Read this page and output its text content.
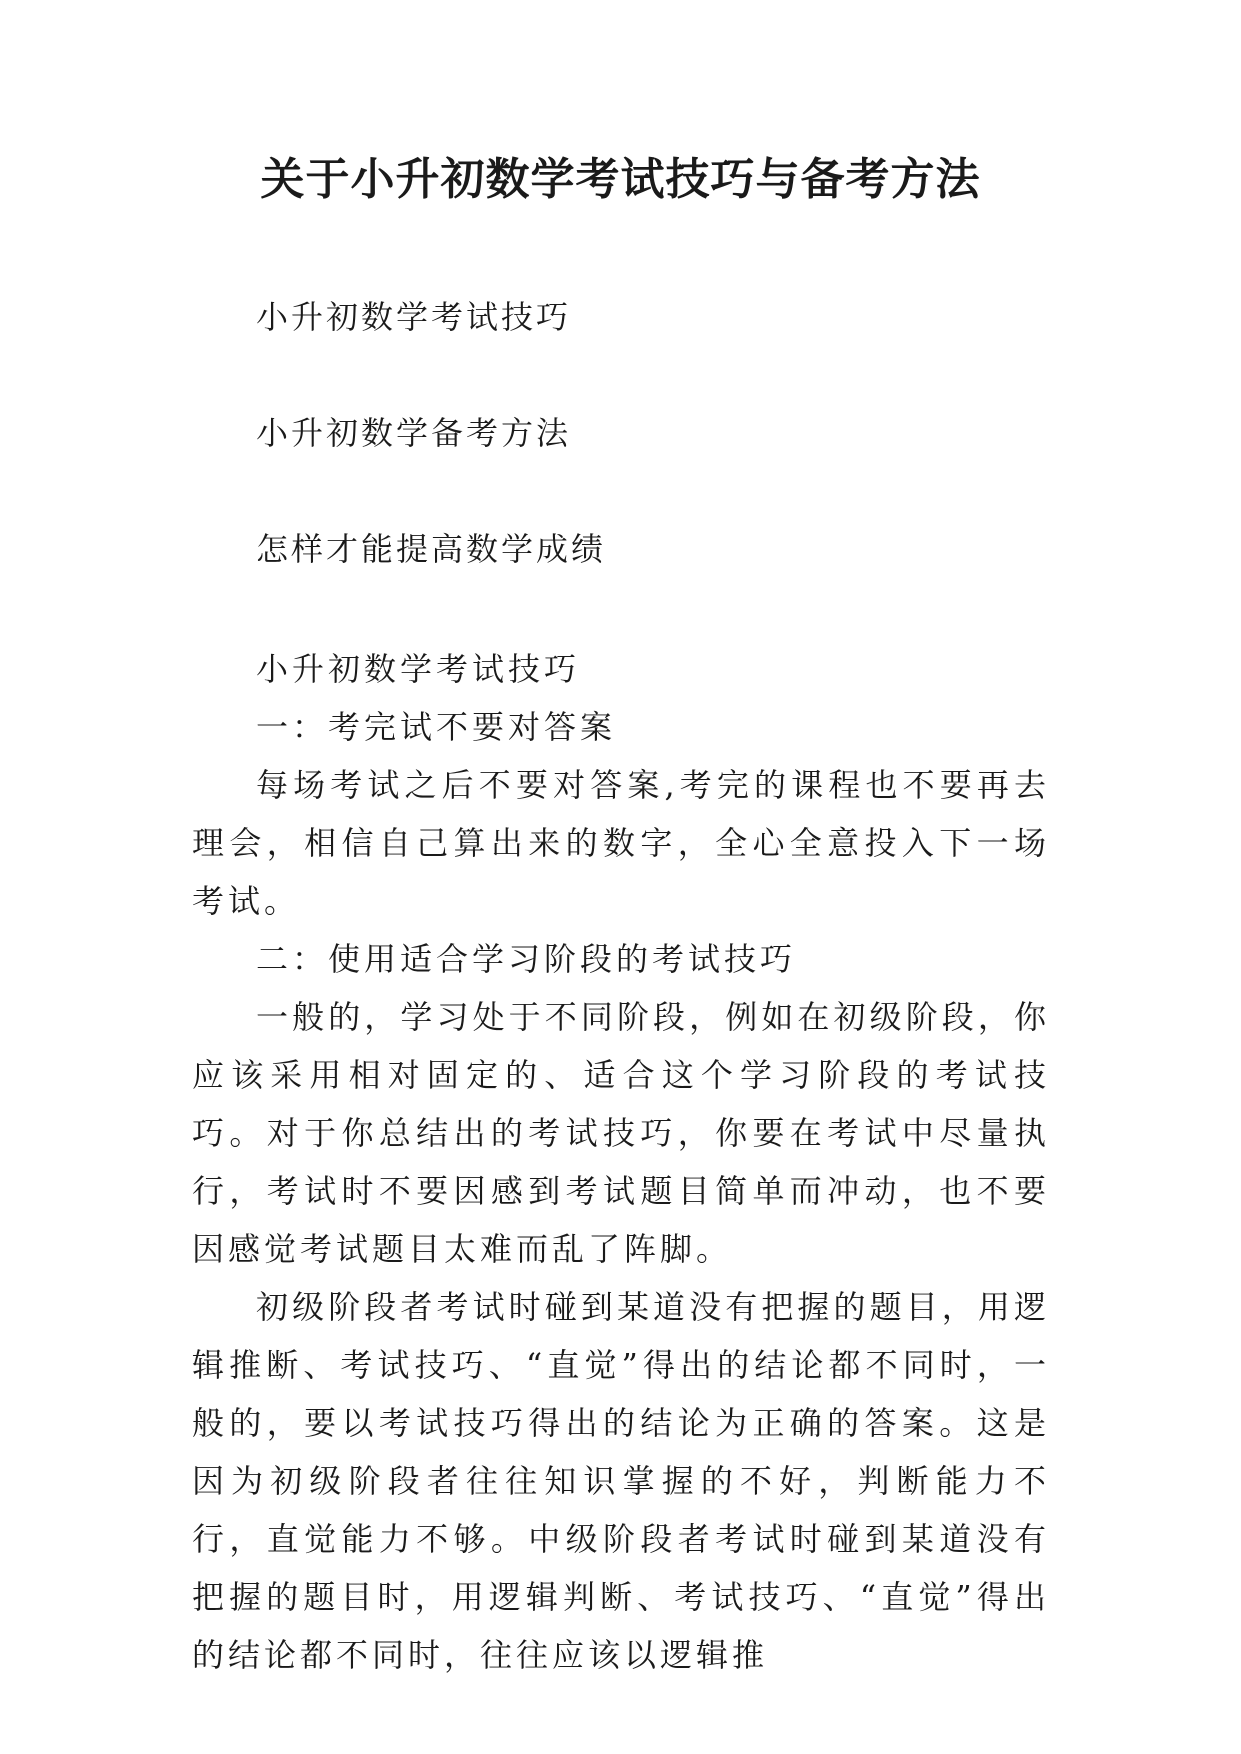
关于小升初数学考试技巧与备考方法
小升初数学考试技巧
小升初数学备考方法
怎样才能提高数学成绩

小升初数学考试技巧

一：考完试不要对答案

每场考试之后不要对答案,考完的课程也不要再去理会，相信自己算出来的数字，全心全意投入下一场考试。

二：使用适合学习阶段的考试技巧

一般的，学习处于不同阶段，例如在初级阶段，你应该采用相对固定的、适合这个学习阶段的考试技巧。对于你总结出的考试技巧，你要在考试中尽量执行，考试时不要因感到考试题目简单而冲动，也不要因感觉考试题目太难而乱了阵脚。

初级阶段者考试时碰到某道没有把握的题目，用逻辑推断、考试技巧、“直觉”得出的结论都不同时，一般的，要以考试技巧得出的结论为正确的答案。这是因为初级阶段者往往知识掌握的不好，判断能力不行，直觉能力不够。中级阶段者考试时碰到某道没有把握的题目时，用逻辑判断、考试技巧、“直觉”得出的结论都不同时，往往应该以逻辑推
